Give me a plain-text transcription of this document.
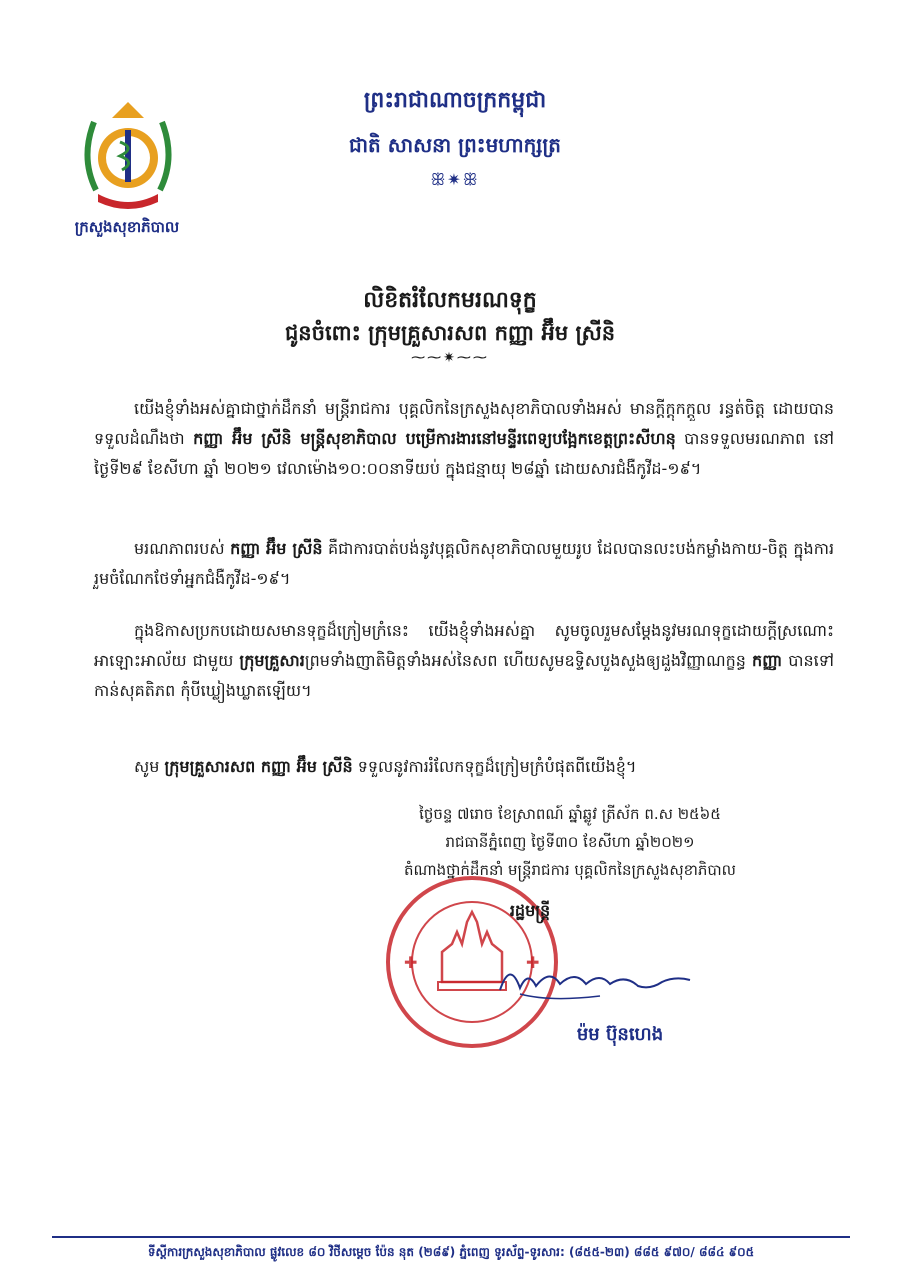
ក្រសួងសុខាភិបាល
ព្រះរាជាណាចក្រកម្ពុជា
ជាតិ សាសនា ព្រះមហាក្សត្រ
ꕥ✷ꕥ
លិខិតរំលែកមរណទុក្ខ
ជូនចំពោះ ក្រុមគ្រួសារសព កញ្ញា អ៊ឹម ស្រីនិ
⁓⁓✷⁓⁓

យើងខ្ញុំទាំងអស់គ្នាជាថ្នាក់ដឹកនាំ មន្ត្រីរាជការ បុគ្គលិកនៃក្រសួងសុខាភិបាលទាំងអស់ មានក្តីក្តុកក្តួល រន្ធត់ចិត្ត ដោយបានទទួលដំណឹងថា កញ្ញា អ៊ឹម ស្រីនិ មន្ត្រីសុខាភិបាល បម្រើការងារនៅមន្ទីរពេទ្យបង្អែកខេត្តព្រះសីហនុ បានទទួលមរណភាព នៅថ្ងៃទី២៩ ខែសីហា ឆ្នាំ ២០២១ វេលាម៉ោង១០:០០នាទីយប់ ក្នុងជន្មាយុ ២៨ឆ្នាំ ដោយសារជំងឺកូវីដ-១៩។

មរណភាពរបស់ កញ្ញា អ៊ឹម ស្រីនិ គឺជាការបាត់បង់នូវបុគ្គលិកសុខាភិបាលមួយរូប ដែលបានលះបង់កម្លាំងកាយ-ចិត្ត ក្នុងការរួមចំណែកថែទាំអ្នកជំងឺកូវីដ-១៩។

ក្នុងឱកាសប្រកបដោយសមានទុក្ខដ៏ក្រៀមក្រំនេះ យើងខ្ញុំទាំងអស់គ្នា សូមចូលរួមសម្តែងនូវមរណទុក្ខដោយក្តីស្រណោះ អាឡោះអាល័យ ជាមួយ ក្រុមគ្រួសារព្រមទាំងញាតិមិត្តទាំងអស់នៃសព ហើយសូមឧទ្ទិសបួងសួងឲ្យដួងវិញ្ញាណក្ខន្ធ កញ្ញា បានទៅកាន់សុគតិភព កុំបីឃ្លៀងឃ្លាតឡើយ។

សូម ក្រុមគ្រួសារសព កញ្ញា អ៊ឹម ស្រីនិ ទទួលនូវការរំលែកទុក្ខដ៏ក្រៀមក្រំបំផុតពីយើងខ្ញុំ។

ថ្ងៃចន្ទ ៧រោច ខែស្រាពណ៍ ឆ្នាំឆ្លូវ ត្រីស័ក ព.ស ២៥៦៥
រាជធានីភ្នំពេញ ថ្ងៃទី៣០ ខែសីហា ឆ្នាំ២០២១
តំណាងថ្នាក់ដឹកនាំ មន្ត្រីរាជការ បុគ្គលិកនៃក្រសួងសុខាភិបាល
✚	✚
រដ្ឋមន្ត្រី
ម៉ម ប៊ុនហេង
ទីស្តីការក្រសួងសុខាភិបាល ផ្លូវលេខ ៨០ វិថីសម្តេច ប៉ែន នុត (២៨៩) ភ្នំពេញ ទូរស័ព្ទ-ទូរសារ: (៨៥៥-២៣) ៨៨៥ ៩៧០/ ៨៨៤ ៩០៥
